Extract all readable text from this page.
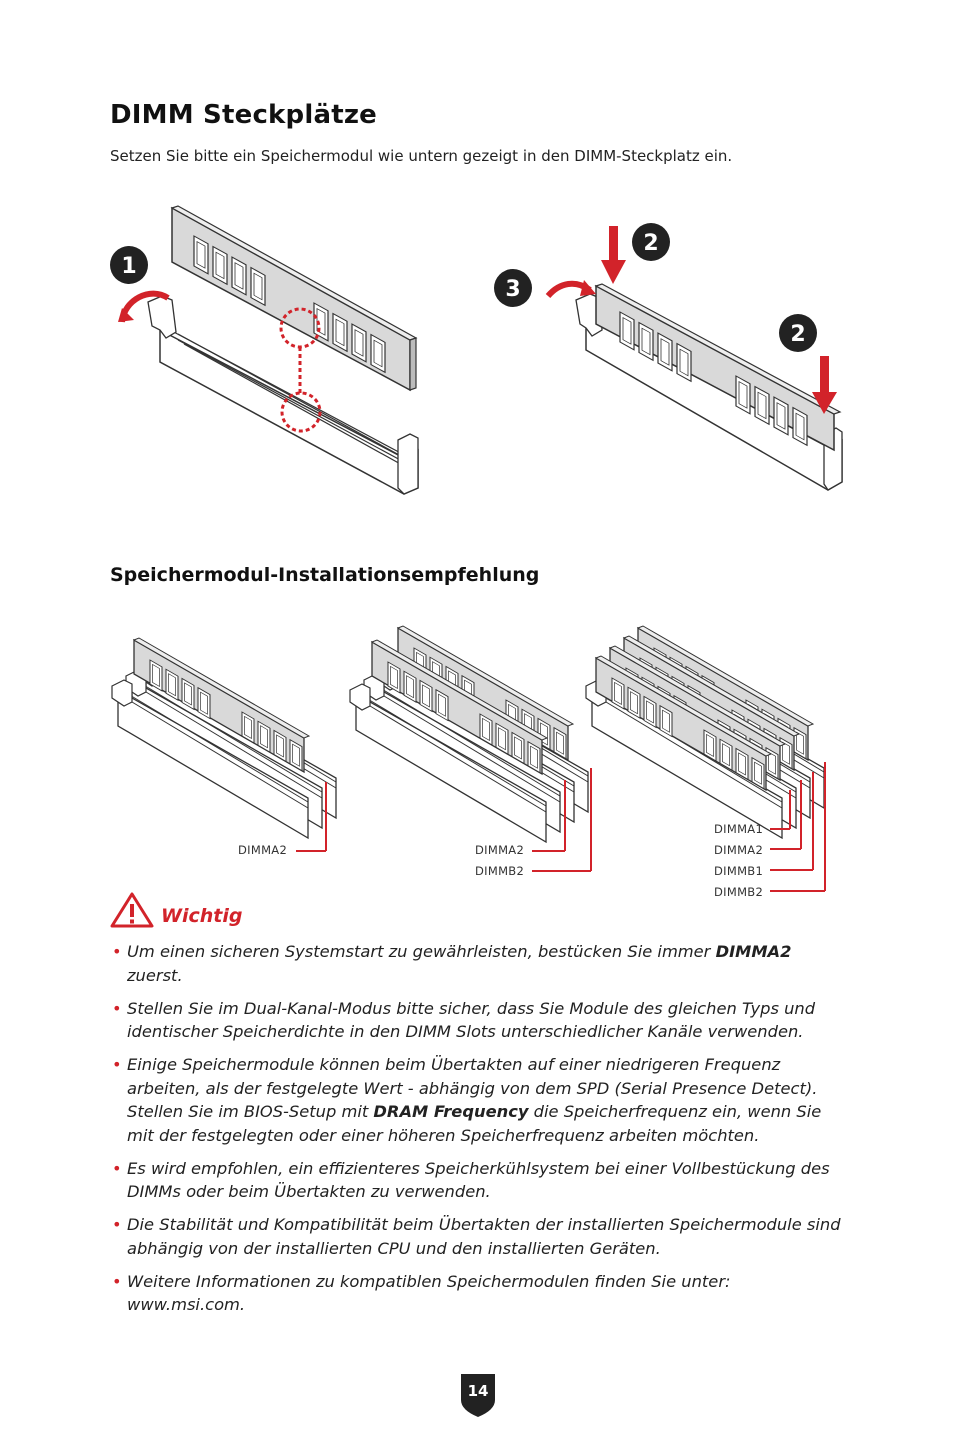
DIMM Steckplätze
Setzen Sie bitte ein Speichermodul wie untern gezeigt in den DIMM-Steckplatz ein.
1
2
2
3
Speichermodul-Installationsempfehlung
DIMMA2	DIMMA2
DIMMB2
DIMMA1
DIMMA2
DIMMB1
DIMMB2
Wichtig
• Um einen sicheren Systemstart zu gewährleisten, bestücken Sie immer DIMMA2 zuerst.
• Stellen Sie im Dual-Kanal-Modus bitte sicher, dass Sie Module des gleichen Typs und identischer Speicherdichte in den DIMM Slots unterschiedlicher Kanäle verwenden.
• Einige Speichermodule können beim Übertakten auf einer niedrigeren Frequenz arbeiten, als der festgelegte Wert - abhängig von dem SPD (Serial Presence Detect). Stellen Sie im BIOS-Setup mit DRAM Frequency die Speicherfrequenz ein, wenn Sie mit der festgelegten oder einer höheren Speicherfrequenz arbeiten möchten.
• Es wird empfohlen, ein effizienteres Speicherkühlsystem bei einer Vollbestückung des DIMMs oder beim Übertakten zu verwenden.
• Die Stabilität und Kompatibilität beim Übertakten der installierten Speichermodule sind abhängig von der installierten CPU und den installierten Geräten.
• Weitere Informationen zu kompatiblen Speichermodulen finden Sie unter: www.msi.com.
14
